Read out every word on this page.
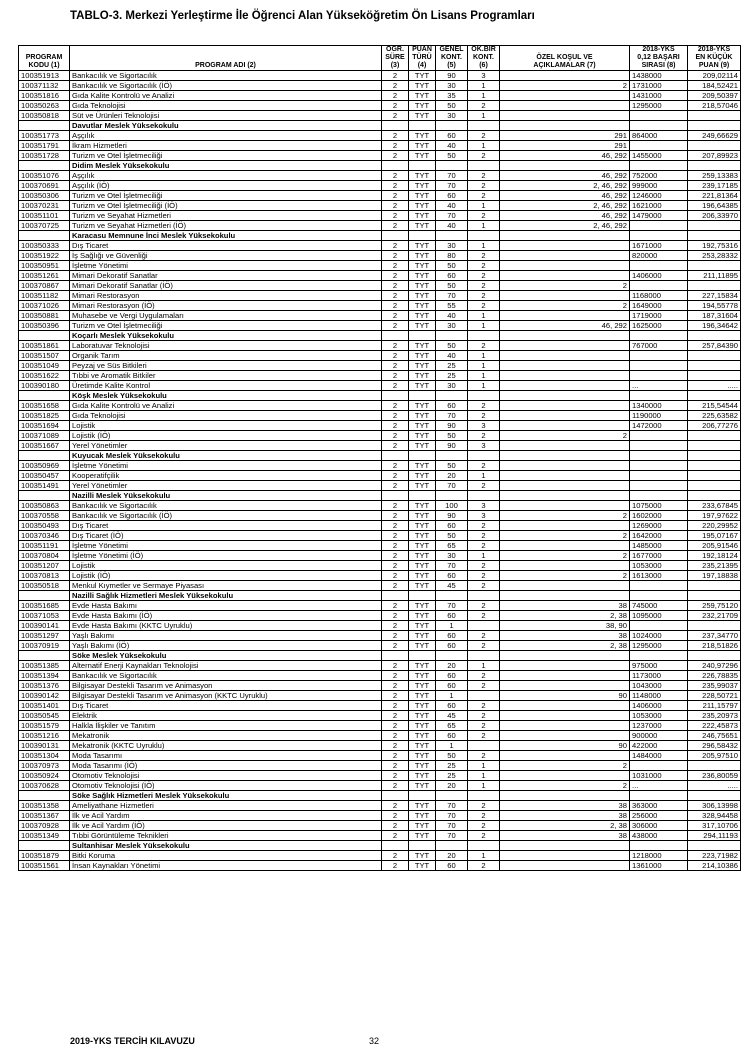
TABLO-3. Merkezi Yerleştirme İle Öğrenci Alan Yükseköğretim Ön Lisans Programları
PROGRAM
KODU (1)	PROGRAM ADI (2)	ÖĞR.
SÜRE
(3)	PUAN
TÜRÜ
(4)	GENEL
KONT.
(5)	OK.BİR
KONT.
(6)	ÖZEL KOŞUL VE
AÇIKLAMALAR (7)	2018-YKS
0,12 BAŞARI
SIRASI (8)	2018-YKS
EN KÜÇÜK
PUAN (9)
100351913	Bankacılık ve Sigortacılık	2	TYT	90	3		1438000	209,02114
100371132	Bankacılık ve Sigortacılık (İÖ)	2	TYT	30	1	2	1731000	184,52421
100351816	Gıda Kalite Kontrolü ve Analizi	2	TYT	35	1		1431000	209,50397
100350263	Gıda Teknolojisi	2	TYT	50	2		1295000	218,57046
100350818	Süt ve Ürünleri Teknolojisi	2	TYT	30	1			
	Davutlar Meslek Yüksekokulu							
100351773	Aşçılık	2	TYT	60	2	291	864000	249,66629
100351791	İkram Hizmetleri	2	TYT	40	1	291		
100351728	Turizm ve Otel İşletmeciliği	2	TYT	50	2	46, 292	1455000	207,89923
	Didim Meslek Yüksekokulu							
100351076	Aşçılık	2	TYT	70	2	46, 292	752000	259,13383
100370691	Aşçılık (İÖ)	2	TYT	70	2	2, 46, 292	999000	239,17185
100350306	Turizm ve Otel İşletmeciliği	2	TYT	60	2	46, 292	1246000	221,81364
100370231	Turizm ve Otel İşletmeciliği (İÖ)	2	TYT	40	1	2, 46, 292	1621000	196,64385
100351101	Turizm ve Seyahat Hizmetleri	2	TYT	70	2	46, 292	1479000	206,33970
100370725	Turizm ve Seyahat Hizmetleri (İÖ)	2	TYT	40	1	2, 46, 292		
	Karacasu Memnune İnci Meslek Yüksekokulu							
100350333	Dış Ticaret	2	TYT	30	1		1671000	192,75316
100351922	İş Sağlığı ve Güvenliği	2	TYT	80	2		820000	253,28332
100350951	İşletme Yönetimi	2	TYT	50	2			
100351261	Mimari Dekoratif Sanatlar	2	TYT	60	2		1406000	211,11895
100370867	Mimari Dekoratif Sanatlar (İÖ)	2	TYT	50	2	2		
100351182	Mimari Restorasyon	2	TYT	70	2		1168000	227,15834
100371026	Mimari Restorasyon (İÖ)	2	TYT	55	2	2	1649000	194,55778
100350881	Muhasebe ve Vergi Uygulamaları	2	TYT	40	1		1719000	187,31604
100350396	Turizm ve Otel İşletmeciliği	2	TYT	30	1	46, 292	1625000	196,34642
	Koçarlı Meslek Yüksekokulu							
100351861	Laboratuvar Teknolojisi	2	TYT	50	2		767000	257,84390
100351507	Organik Tarım	2	TYT	40	1			
100351049	Peyzaj ve Süs Bitkileri	2	TYT	25	1			
100351622	Tıbbi ve Aromatik Bitkiler	2	TYT	25	1			
100390180	Üretimde Kalite Kontrol	2	TYT	30	1		...	.....
	Köşk Meslek Yüksekokulu							
100351658	Gıda Kalite Kontrolü ve Analizi	2	TYT	60	2		1340000	215,54544
100351825	Gıda Teknolojisi	2	TYT	70	2		1190000	225,63582
100351694	Lojistik	2	TYT	90	3		1472000	206,77276
100371089	Lojistik (İÖ)	2	TYT	50	2	2		
100351667	Yerel Yönetimler	2	TYT	90	3			
	Kuyucak Meslek Yüksekokulu							
100350969	İşletme Yönetimi	2	TYT	50	2			
100350457	Kooperatifçilik	2	TYT	20	1			
100351491	Yerel Yönetimler	2	TYT	70	2			
	Nazilli Meslek Yüksekokulu							
100350863	Bankacılık ve Sigortacılık	2	TYT	100	3		1075000	233,67845
100370558	Bankacılık ve Sigortacılık (İÖ)	2	TYT	90	3	2	1602000	197,97622
100350493	Dış Ticaret	2	TYT	60	2		1269000	220,29952
100370346	Dış Ticaret (İÖ)	2	TYT	50	2	2	1642000	195,07167
100351191	İşletme Yönetimi	2	TYT	65	2		1485000	205,91546
100370804	İşletme Yönetimi (İÖ)	2	TYT	30	1	2	1677000	192,18124
100351207	Lojistik	2	TYT	70	2		1053000	235,21395
100370813	Lojistik (İÖ)	2	TYT	60	2	2	1613000	197,18838
100350518	Menkul Kıymetler ve Sermaye Piyasası	2	TYT	45	2			
	Nazilli Sağlık Hizmetleri Meslek Yüksekokulu							
100351685	Evde Hasta Bakımı	2	TYT	70	2	38	745000	259,75120
100371053	Evde Hasta Bakımı (İÖ)	2	TYT	60	2	2, 38	1095000	232,21709
100390141	Evde Hasta Bakımı (KKTC Uyruklu)	2	TYT	1		38, 90		
100351297	Yaşlı Bakımı	2	TYT	60	2	38	1024000	237,34770
100370919	Yaşlı Bakımı (İÖ)	2	TYT	60	2	2, 38	1295000	218,51826
	Söke Meslek Yüksekokulu							
100351385	Alternatif Enerji Kaynakları Teknolojisi	2	TYT	20	1		975000	240,97296
100351394	Bankacılık ve Sigortacılık	2	TYT	60	2		1173000	226,78835
100351376	Bilgisayar Destekli Tasarım ve Animasyon	2	TYT	60	2		1043000	235,99037
100390142	Bilgisayar Destekli Tasarım ve Animasyon (KKTC Uyruklu)	2	TYT	1		90	1148000	228,50721
100351401	Dış Ticaret	2	TYT	60	2		1406000	211,15797
100350545	Elektrik	2	TYT	45	2		1053000	235,20973
100351579	Halkla İlişkiler ve Tanıtım	2	TYT	65	2		1237000	222,45873
100351216	Mekatronik	2	TYT	60	2		900000	246,75651
100390131	Mekatronik (KKTC Uyruklu)	2	TYT	1		90	422000	296,58432
100351304	Moda Tasarımı	2	TYT	50	2		1484000	205,97510
100370973	Moda Tasarımı (İÖ)	2	TYT	25	1	2		
100350924	Otomotiv Teknolojisi	2	TYT	25	1		1031000	236,80059
100370628	Otomotiv Teknolojisi (İÖ)	2	TYT	20	1	2	...	.....
	Söke Sağlık Hizmetleri Meslek Yüksekokulu							
100351358	Ameliyathane Hizmetleri	2	TYT	70	2	38	363000	306,13998
100351367	İlk ve Acil Yardım	2	TYT	70	2	38	256000	328,94458
100370928	İlk ve Acil Yardım (İÖ)	2	TYT	70	2	2, 38	306000	317,10706
100351349	Tıbbi Görüntüleme Teknikleri	2	TYT	70	2	38	438000	294,11193
	Sultanhisar Meslek Yüksekokulu							
100351879	Bitki Koruma	2	TYT	20	1		1218000	223,71982
100351561	İnsan Kaynakları Yönetimi	2	TYT	60	2		1361000	214,10386
2019-YKS TERCİH KILAVUZU	32
